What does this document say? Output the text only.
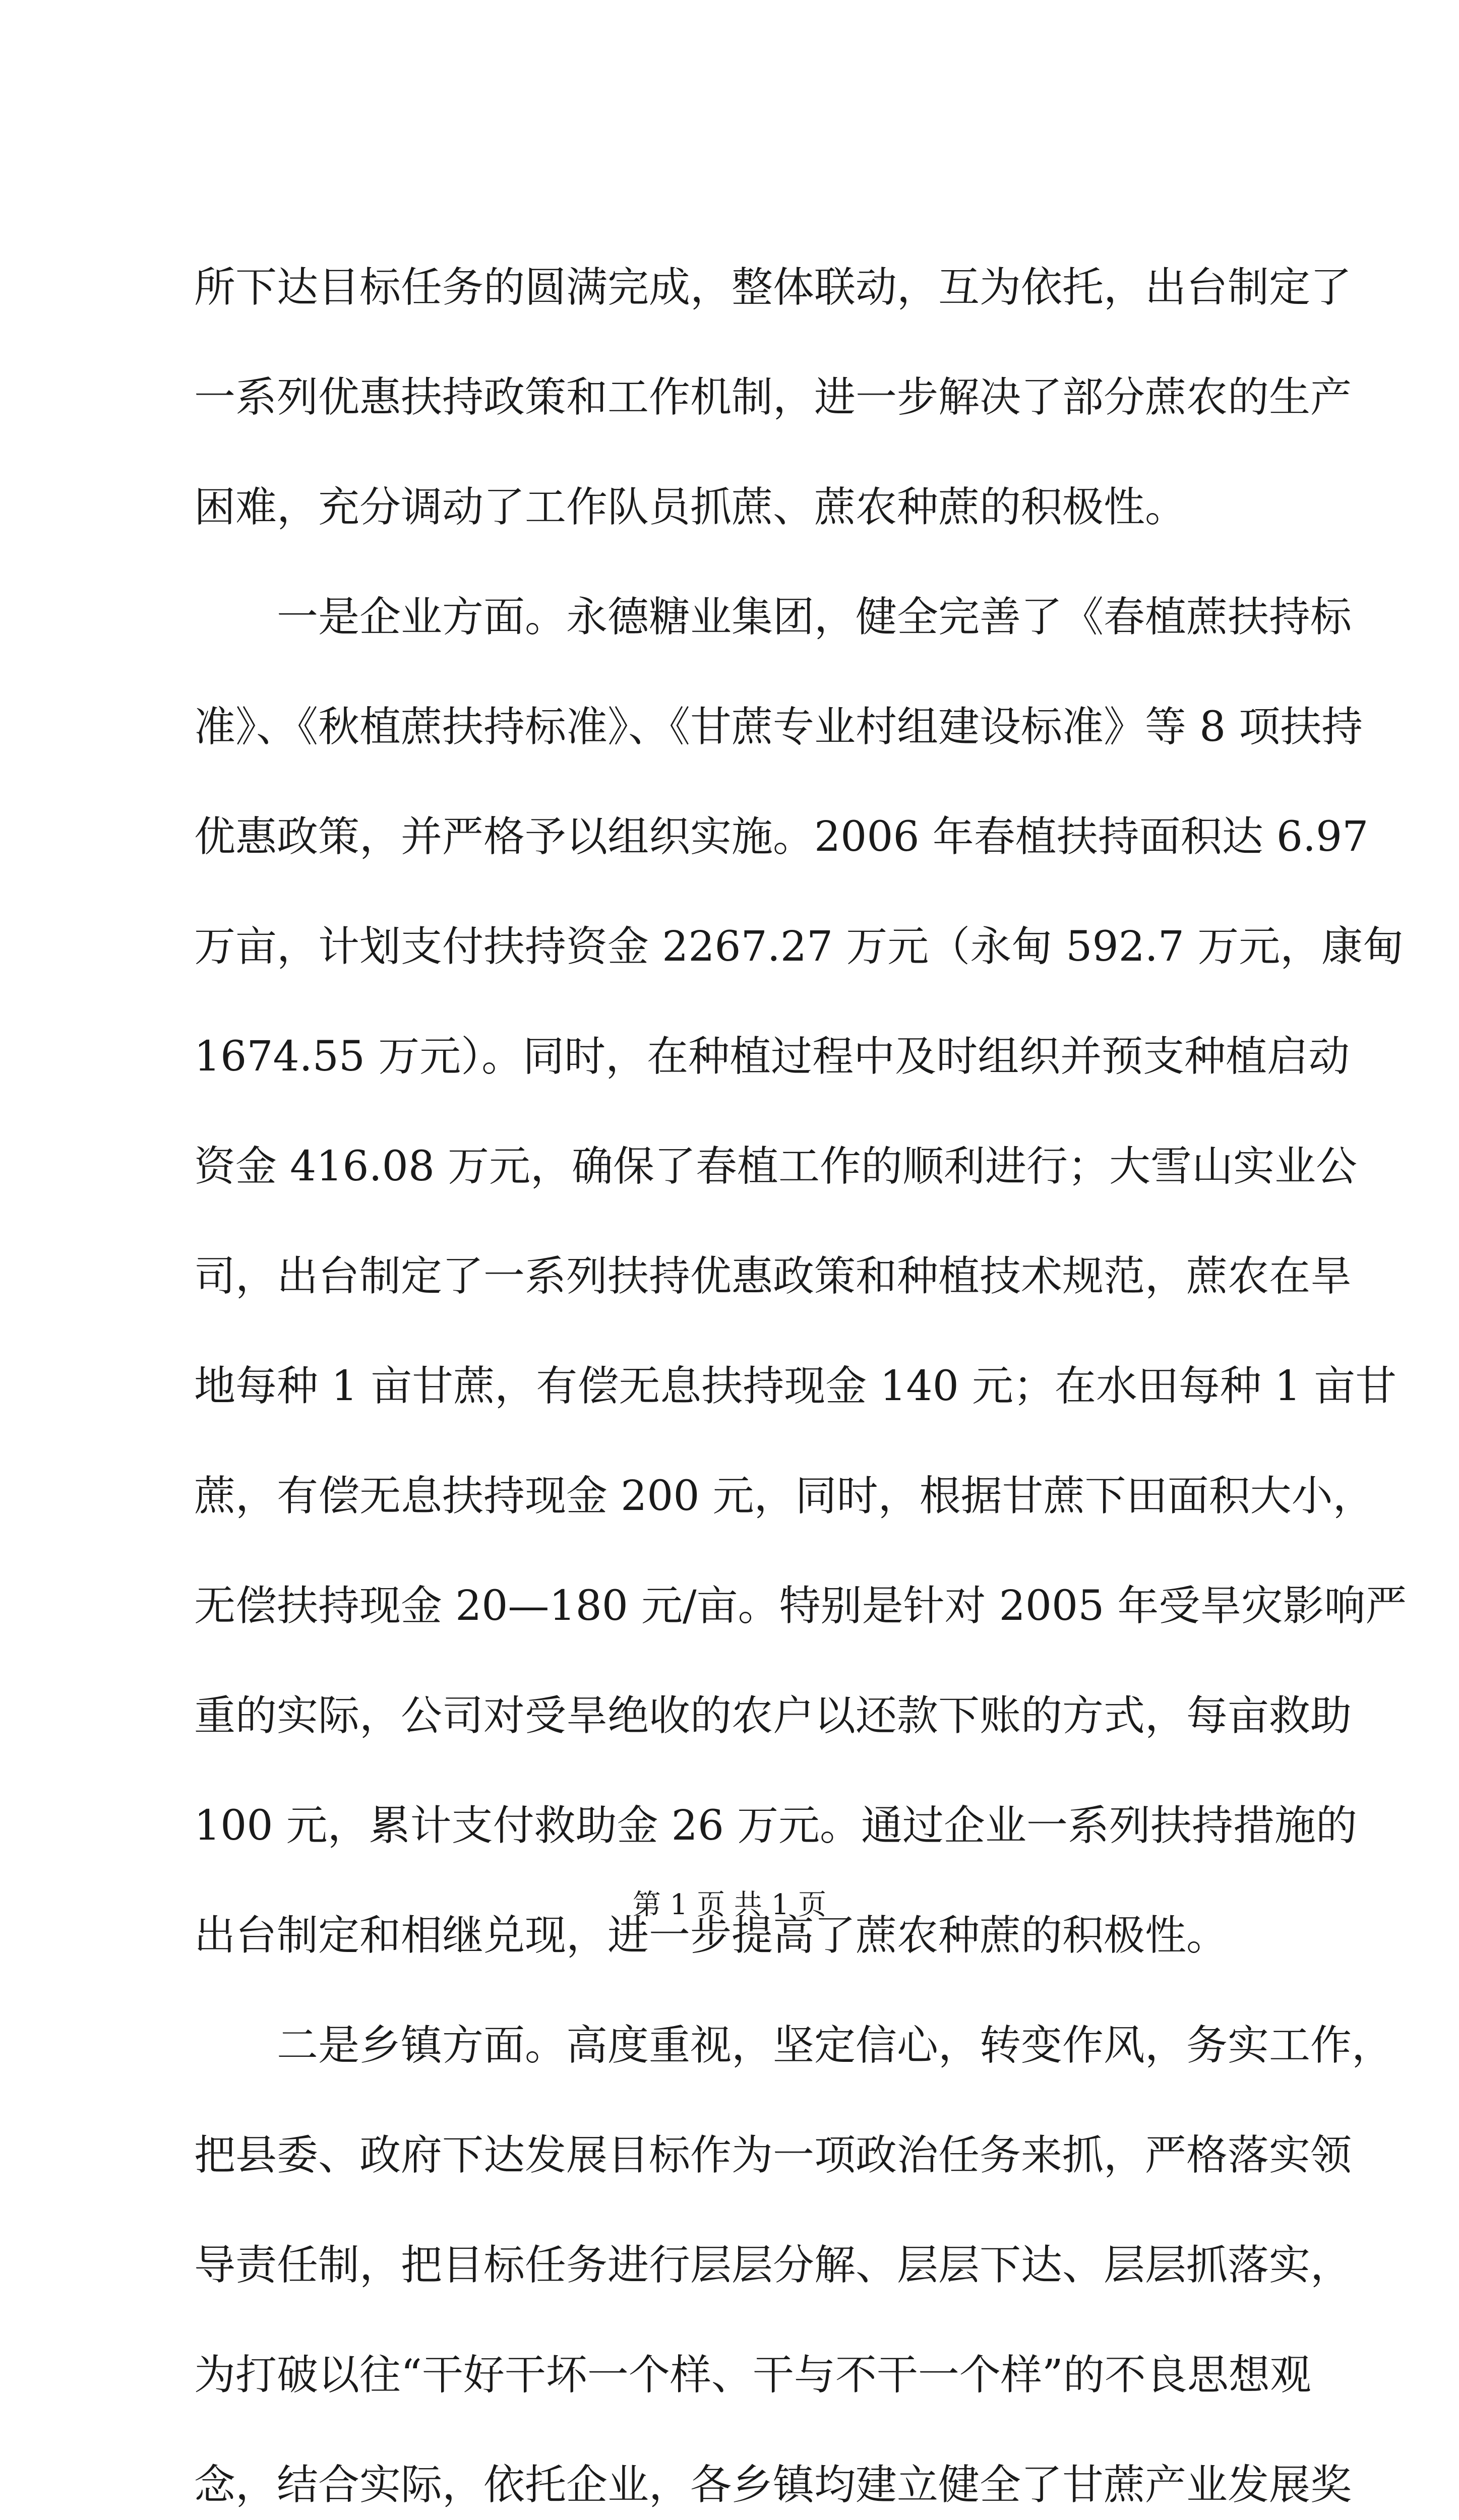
所下达目标任务的圆满完成，整体联动，互为依托，出台制定了
一系列优惠扶持政策和工作机制，进一步解决了部分蔗农的生产
困难，充分调动了工作队员抓蔗、蔗农种蔗的积极性。
　　一是企业方面。永德糖业集团，健全完善了《春植蔗扶持标
准》、《秋植蔗扶持标准》、《甘蔗专业村组建设标准》等 8 项扶持
优惠政策，并严格予以组织实施。2006 年春植扶持面积达 6.97
万亩，计划支付扶持资金 2267.27 万元（永甸 592.7 万元，康甸
1674.55 万元）。同时，在种植过程中及时组织并预支种植启动
资金 416.08 万元，确保了春植工作的顺利进行；大雪山实业公
司，出台制定了一系列扶持优惠政策和种植技术规范，蔗农在旱
地每种 1 亩甘蔗，有偿无息扶持现金 140 元；在水田每种 1 亩甘
蔗，有偿无息扶持现金 200 元，同时，根据甘蔗下田面积大小，
无偿扶持现金 20—180 元/亩。特别是针对 2005 年受旱灾影响严
重的实际，公司对受旱绝收的农户以还款下账的方式，每亩救助
100 元，累计支付救助金 26 万元。通过企业一系列扶持措施的
出台制定和相继兑现，进一步提高了蔗农种蔗的积极性。
　　二是乡镇方面。高度重视，坚定信心，转变作风，务实工作，
把县委、政府下达发展目标作为一项政治任务来抓，严格落实领
导责任制，把目标任务进行层层分解、层层下达、层层抓落实，
为打破以往“干好干坏一个样、干与不干一个样”的不良思想观
念，结合实际，依托企业，各乡镇均建立健全了甘蔗产业发展奖
第 1 页 共 1 页
